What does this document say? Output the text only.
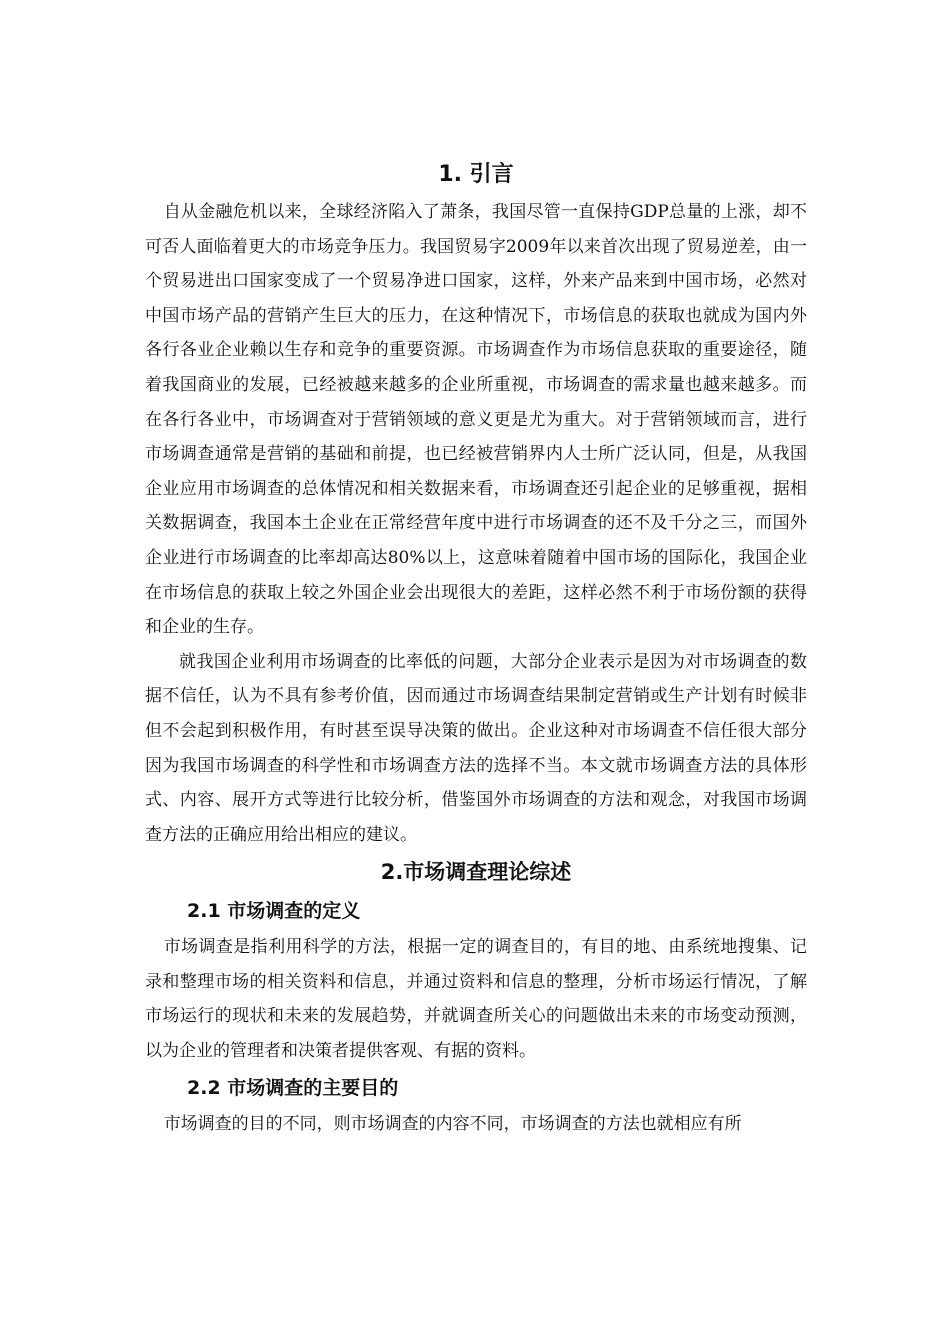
1. 引言

自从金融危机以来，全球经济陷入了萧条，我国尽管一直保持GDP总量的上涨，却不可否人面临着更大的市场竞争压力。我国贸易字2009年以来首次出现了贸易逆差，由一个贸易进出口国家变成了一个贸易净进口国家，这样，外来产品来到中国市场，必然对中国市场产品的营销产生巨大的压力，在这种情况下，市场信息的获取也就成为国内外各行各业企业赖以生存和竞争的重要资源。市场调查作为市场信息获取的重要途径，随着我国商业的发展，已经被越来越多的企业所重视，市场调查的需求量也越来越多。而在各行各业中，市场调查对于营销领域的意义更是尤为重大。对于营销领域而言，进行市场调查通常是营销的基础和前提，也已经被营销界内人士所广泛认同，但是，从我国企业应用市场调查的总体情况和相关数据来看，市场调查还引起企业的足够重视，据相关数据调查，我国本土企业在正常经营年度中进行市场调查的还不及千分之三，而国外企业进行市场调查的比率却高达80%以上，这意味着随着中国市场的国际化，我国企业在市场信息的获取上较之外国企业会出现很大的差距，这样必然不利于市场份额的获得和企业的生存。

就我国企业利用市场调查的比率低的问题，大部分企业表示是因为对市场调查的数据不信任，认为不具有参考价值，因而通过市场调查结果制定营销或生产计划有时候非但不会起到积极作用，有时甚至误导决策的做出。企业这种对市场调查不信任很大部分因为我国市场调查的科学性和市场调查方法的选择不当。本文就市场调查方法的具体形式、内容、展开方式等进行比较分析，借鉴国外市场调查的方法和观念，对我国市场调查方法的正确应用给出相应的建议。

2.市场调查理论综述
2.1 市场调查的定义

市场调查是指利用科学的方法，根据一定的调查目的，有目的地、由系统地搜集、记录和整理市场的相关资料和信息，并通过资料和信息的整理，分析市场运行情况，了解市场运行的现状和未来的发展趋势，并就调查所关心的问题做出未来的市场变动预测，以为企业的管理者和决策者提供客观、有据的资料。

2.2 市场调查的主要目的

市场调查的目的不同，则市场调查的内容不同，市场调查的方法也就相应有所
